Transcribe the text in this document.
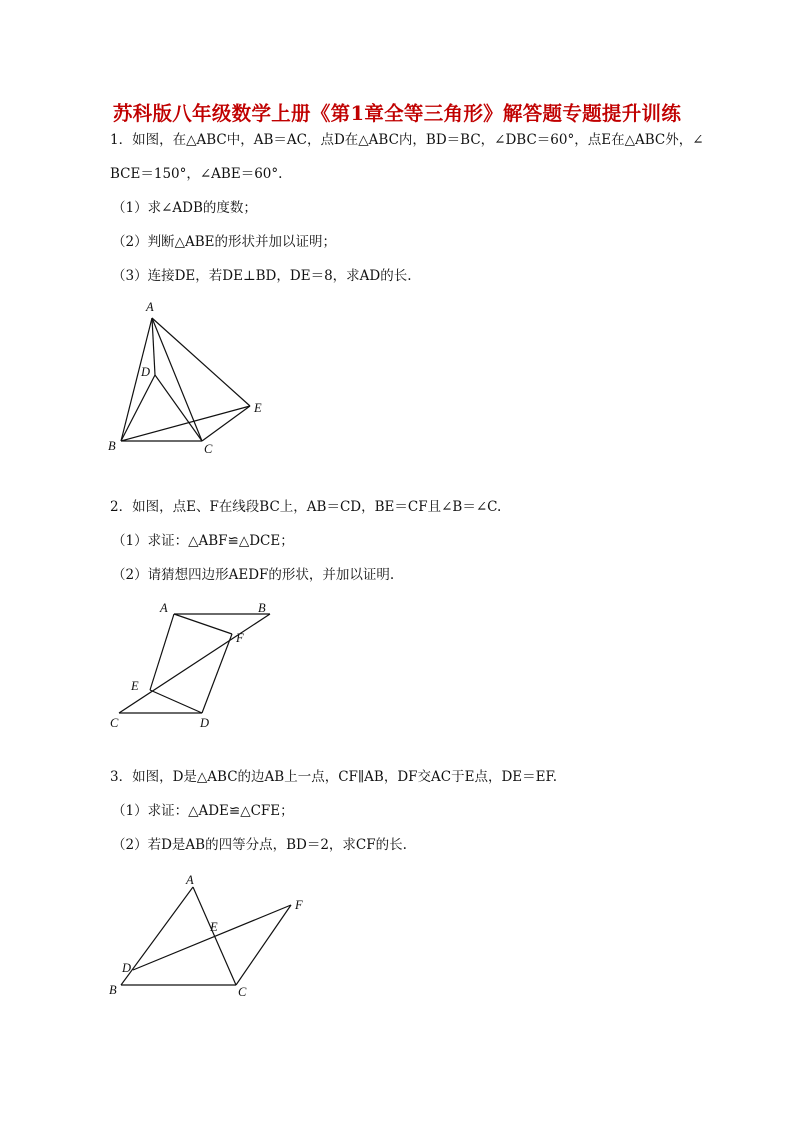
苏科版八年级数学上册《第1章全等三角形》解答题专题提升训练
1．如图，在△ABC中，AB＝AC，点D在△ABC内，BD＝BC，∠DBC＝60°，点E在△ABC外，∠
BCE＝150°，∠ABE＝60°.
（1）求∠ADB的度数；
（2）判断△ABE的形状并加以证明；
（3）连接DE，若DE⊥BD，DE＝8，求AD的长.
A
B	C
D
E
2．如图，点E、F在线段BC上，AB＝CD，BE＝CF且∠B＝∠C.
（1）求证：△ABF≌△DCE；
（2）请猜想四边形AEDF的形状，并加以证明.
A	B
C	D
E
F
3．如图，D是△ABC的边AB上一点，CF∥AB，DF交AC于E点，DE＝EF.
（1）求证：△ADE≌△CFE；
（2）若D是AB的四等分点，BD＝2，求CF的长.
A
B	C
D
E
F
